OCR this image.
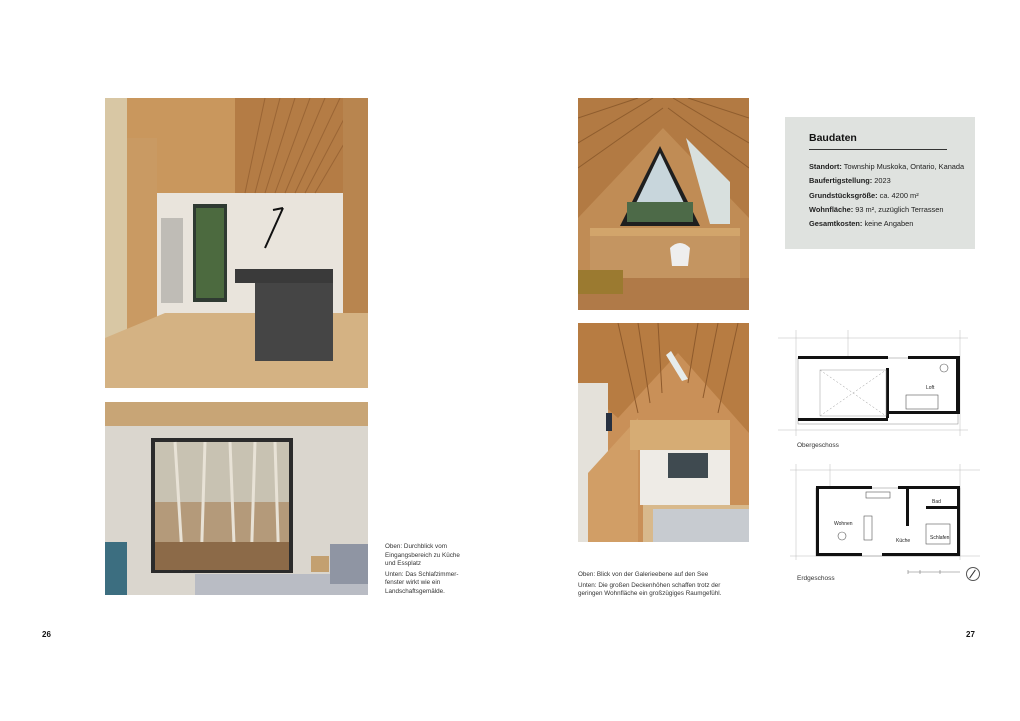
Oben: Durchblick vom Eingangsbereich zu Küche und Essplatz

Unten: Das Schlafzimmer-fenster wirkt wie ein Landschaftsgemälde.

Oben: Blick von der Galerieebene auf den See

Unten: Die großen Deckenhöhen schaffen trotz der geringen Wohnfläche ein großzügiges Raumgefühl.

26	27
Baudaten
Standort: Township Muskoka, Ontario, Kanada
Baufertigstellung: 2023
Grundstücksgröße: ca. 4200 m²
Wohnfläche: 93 m², zuzüglich Terrassen
Gesamtkosten: keine Angaben
Loft
Obergeschoss
Wohnen
Bad
Küche	Schlafen
Erdgeschoss
